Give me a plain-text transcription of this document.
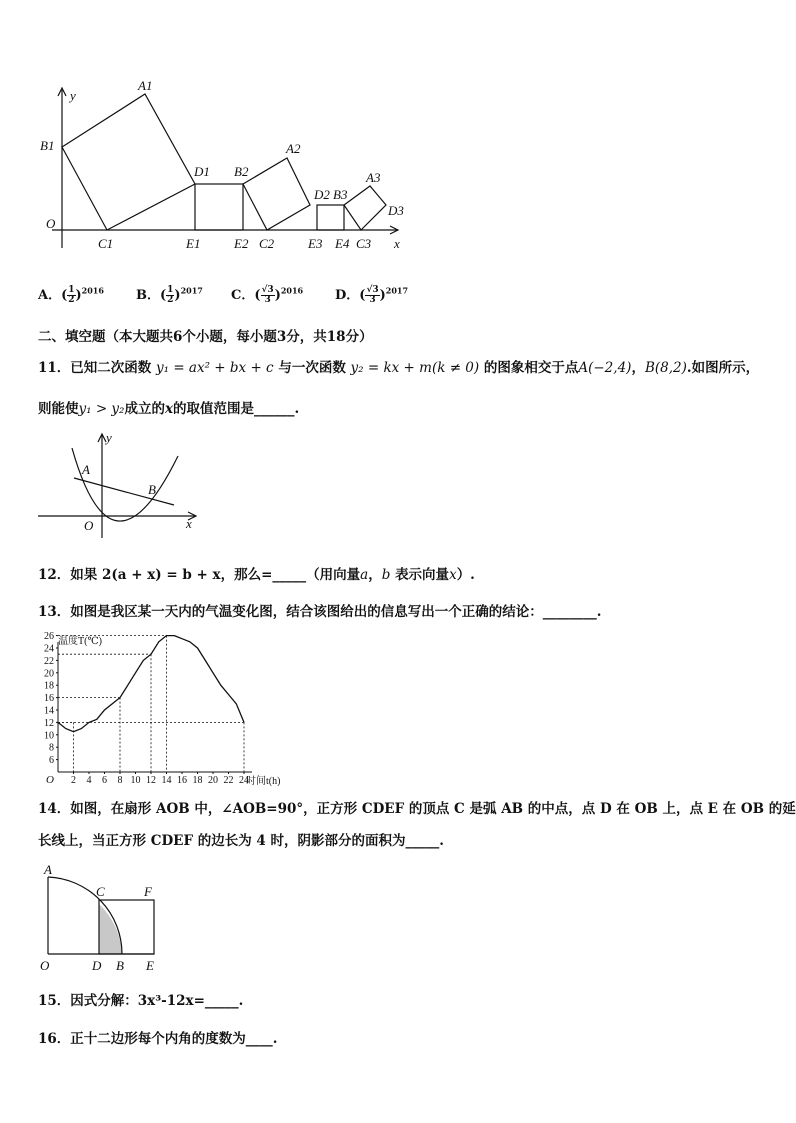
y
x
O
A1
B1
D1 B2
A2
D2 B3
A3
D3
C1	E1	E2 C2	E3 E4 C3
A．( $\frac{1}{2} )^{2016}$ B．( $\frac{1}{2} )^{2017}$ C．( $\frac{√3}{3} )^{2016}$ D．( $\frac{√3}{3} )^{2017}$
二、填空题（本大题共6个小题，每小题3分，共18分）
11．已知二次函数 y₁ = ax² + bx + c 与一次函数 y₂ = kx + m(k ≠ 0) 的图象相交于点A(−2,4)，B(8,2).如图所示，
则能使y₁ > y₂成立的x的取值范围是______.
y
x
O
A
B
12．如果 2(a + x) = b + x，那么=_____（用向量a，b 表示向量x）.
13．如图是我区某一天内的气温变化图，结合该图给出的信息写出一个正确的结论：________.
6
8
10
12
14
16
18
20
22
24
26
2 4 6 8 10 12 14 16 18 20 22 24
O
温度T(℃)
时间t(h)
14．如图，在扇形 AOB 中，∠AOB=90°，正方形 CDEF 的顶点 C 是弧 AB 的中点，点 D 在 OB 上，点 E 在 OB 的延
长线上，当正方形 CDEF 的边长为 4 时，阴影部分的面积为_____.
A
C	F
O	D B E
15．因式分解：3x³-12x=_____.
16．正十二边形每个内角的度数为____.
